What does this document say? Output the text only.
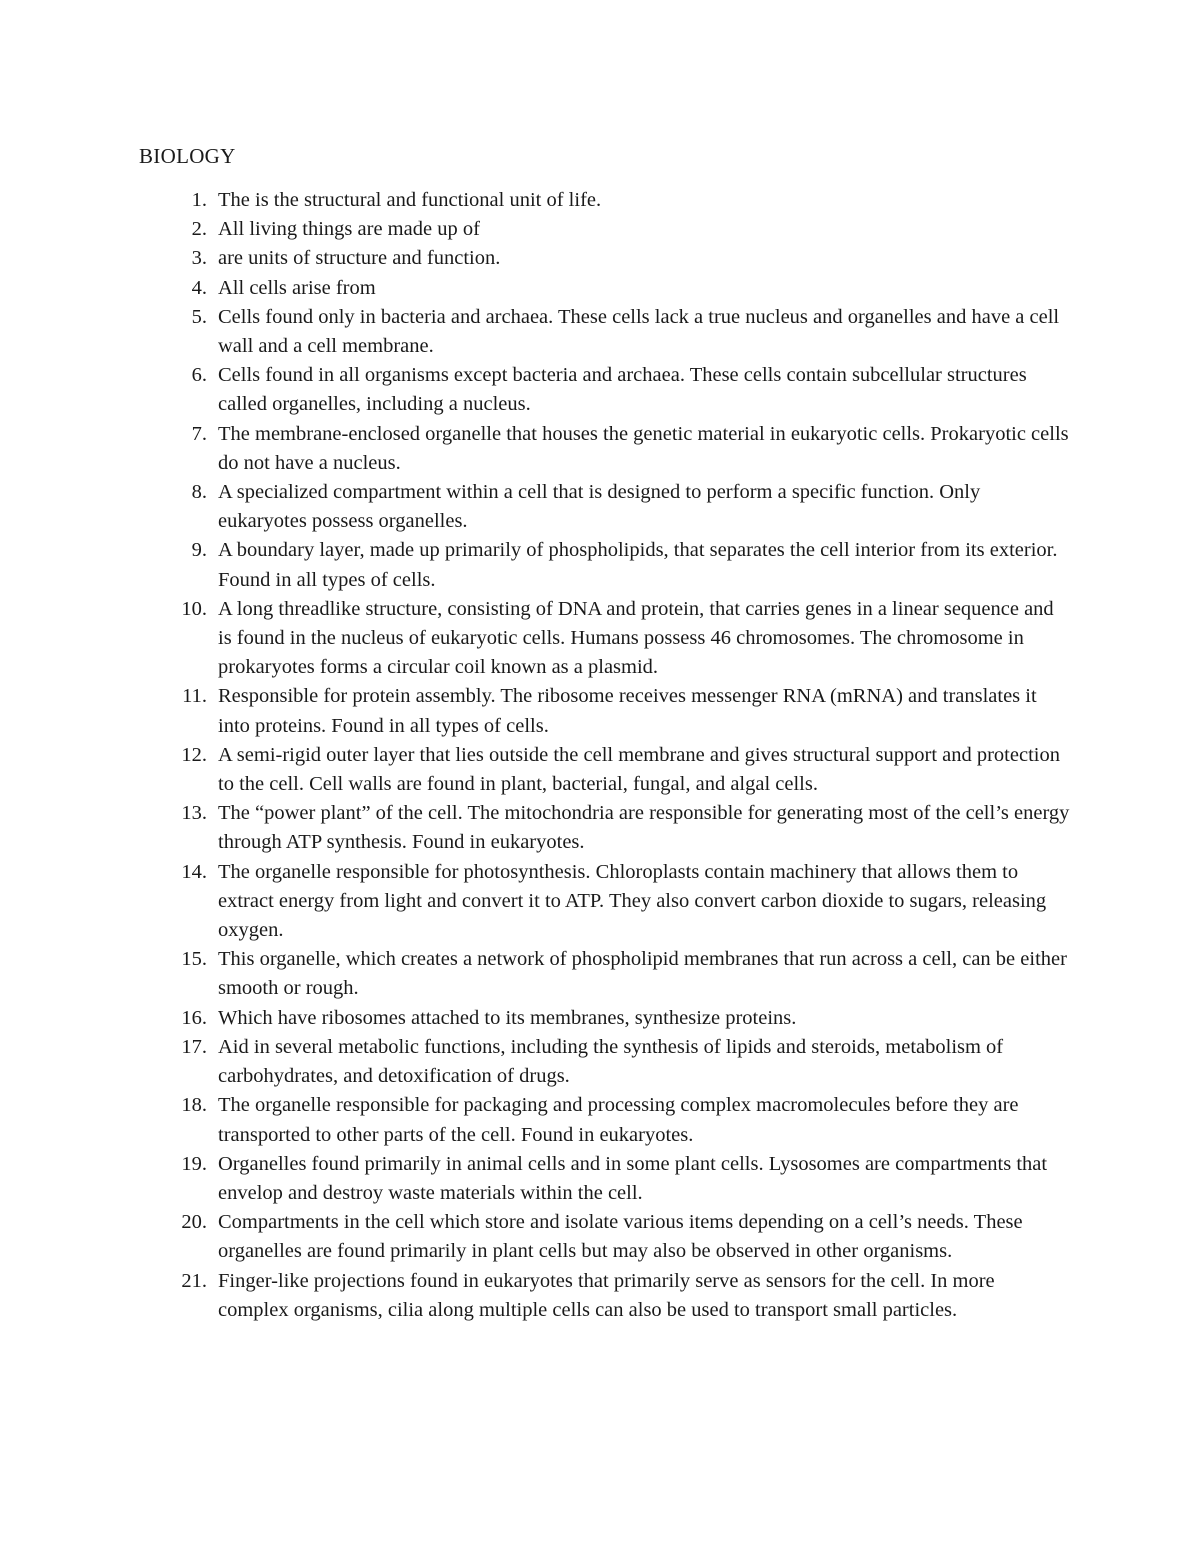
BIOLOGY
1. The is the structural and functional unit of life.
2. All living things are made up of
3. are units of structure and function.
4. All cells arise from
5. Cells found only in bacteria and archaea. These cells lack a true nucleus and organelles and have a cell wall and a cell membrane.
6. Cells found in all organisms except bacteria and archaea. These cells contain subcellular structures called organelles, including a nucleus.
7. The membrane-enclosed organelle that houses the genetic material in eukaryotic cells. Prokaryotic cells do not have a nucleus.
8. A specialized compartment within a cell that is designed to perform a specific function. Only eukaryotes possess organelles.
9. A boundary layer, made up primarily of phospholipids, that separates the cell interior from its exterior. Found in all types of cells.
10. A long threadlike structure, consisting of DNA and protein, that carries genes in a linear sequence and is found in the nucleus of eukaryotic cells. Humans possess 46 chromosomes. The chromosome in prokaryotes forms a circular coil known as a plasmid.
11. Responsible for protein assembly. The ribosome receives messenger RNA (mRNA) and translates it into proteins. Found in all types of cells.
12. A semi-rigid outer layer that lies outside the cell membrane and gives structural support and protection to the cell. Cell walls are found in plant, bacterial, fungal, and algal cells.
13. The “power plant” of the cell. The mitochondria are responsible for generating most of the cell’s energy through ATP synthesis. Found in eukaryotes.
14. The organelle responsible for photosynthesis. Chloroplasts contain machinery that allows them to extract energy from light and convert it to ATP. They also convert carbon dioxide to sugars, releasing oxygen.
15. This organelle, which creates a network of phospholipid membranes that run across a cell, can be either smooth or rough.
16. Which have ribosomes attached to its membranes, synthesize proteins.
17. Aid in several metabolic functions, including the synthesis of lipids and steroids, metabolism of carbohydrates, and detoxification of drugs.
18. The organelle responsible for packaging and processing complex macromolecules before they are transported to other parts of the cell. Found in eukaryotes.
19. Organelles found primarily in animal cells and in some plant cells. Lysosomes are compartments that envelop and destroy waste materials within the cell.
20. Compartments in the cell which store and isolate various items depending on a cell’s needs. These organelles are found primarily in plant cells but may also be observed in other organisms.
21. Finger-like projections found in eukaryotes that primarily serve as sensors for the cell. In more complex organisms, cilia along multiple cells can also be used to transport small particles.
